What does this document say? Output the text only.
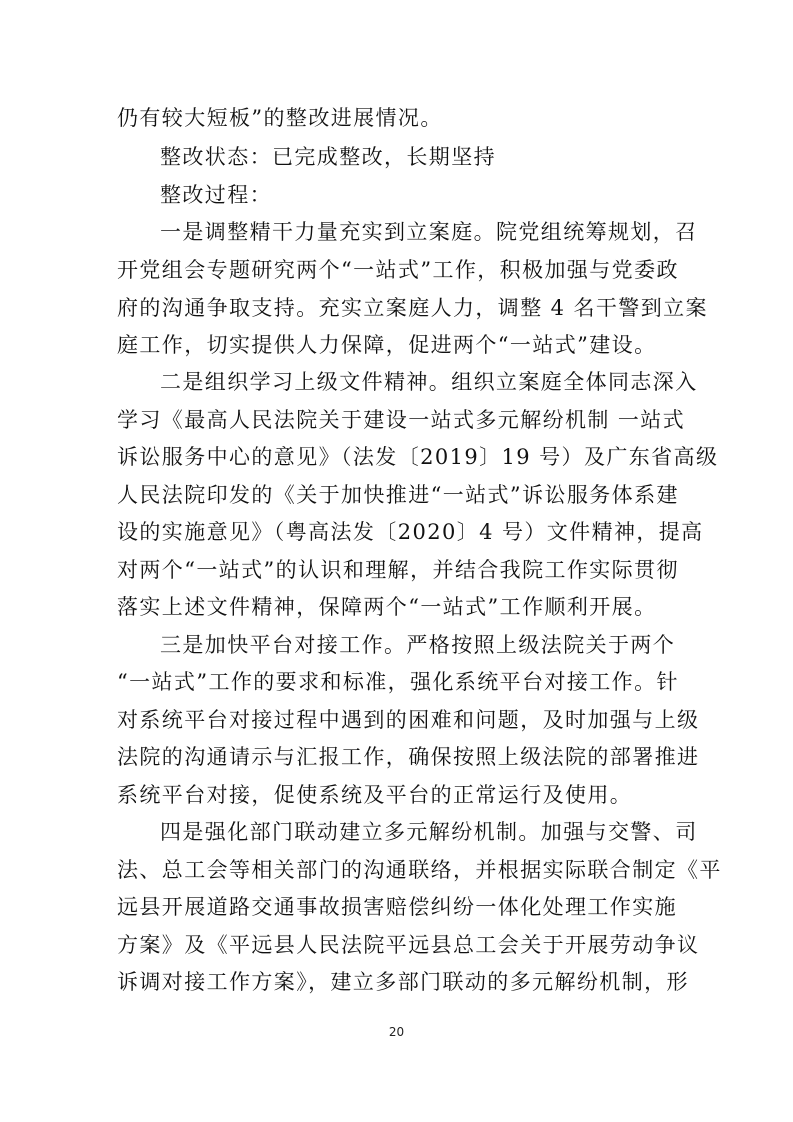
仍有较大短板”的整改进展情况。
整改状态：已完成整改，长期坚持
整改过程：
一是调整精干力量充实到立案庭。院党组统筹规划，召
开党组会专题研究两个“一站式”工作，积极加强与党委政
府的沟通争取支持。充实立案庭人力，调整 4 名干警到立案
庭工作，切实提供人力保障，促进两个“一站式”建设。
二是组织学习上级文件精神。组织立案庭全体同志深入
学习《最高人民法院关于建设一站式多元解纷机制 一站式
诉讼服务中心的意见》（法发〔2019〕19 号）及广东省高级
人民法院印发的《关于加快推进“一站式”诉讼服务体系建
设的实施意见》（粤高法发〔2020〕4 号）文件精神，提高
对两个“一站式”的认识和理解，并结合我院工作实际贯彻
落实上述文件精神，保障两个“一站式”工作顺利开展。
三是加快平台对接工作。严格按照上级法院关于两个
“一站式”工作的要求和标准，强化系统平台对接工作。针
对系统平台对接过程中遇到的困难和问题，及时加强与上级
法院的沟通请示与汇报工作，确保按照上级法院的部署推进
系统平台对接，促使系统及平台的正常运行及使用。
四是强化部门联动建立多元解纷机制。加强与交警、司
法、总工会等相关部门的沟通联络，并根据实际联合制定《平
远县开展道路交通事故损害赔偿纠纷一体化处理工作实施
方案》及《平远县人民法院平远县总工会关于开展劳动争议
诉调对接工作方案》，建立多部门联动的多元解纷机制，形
20
